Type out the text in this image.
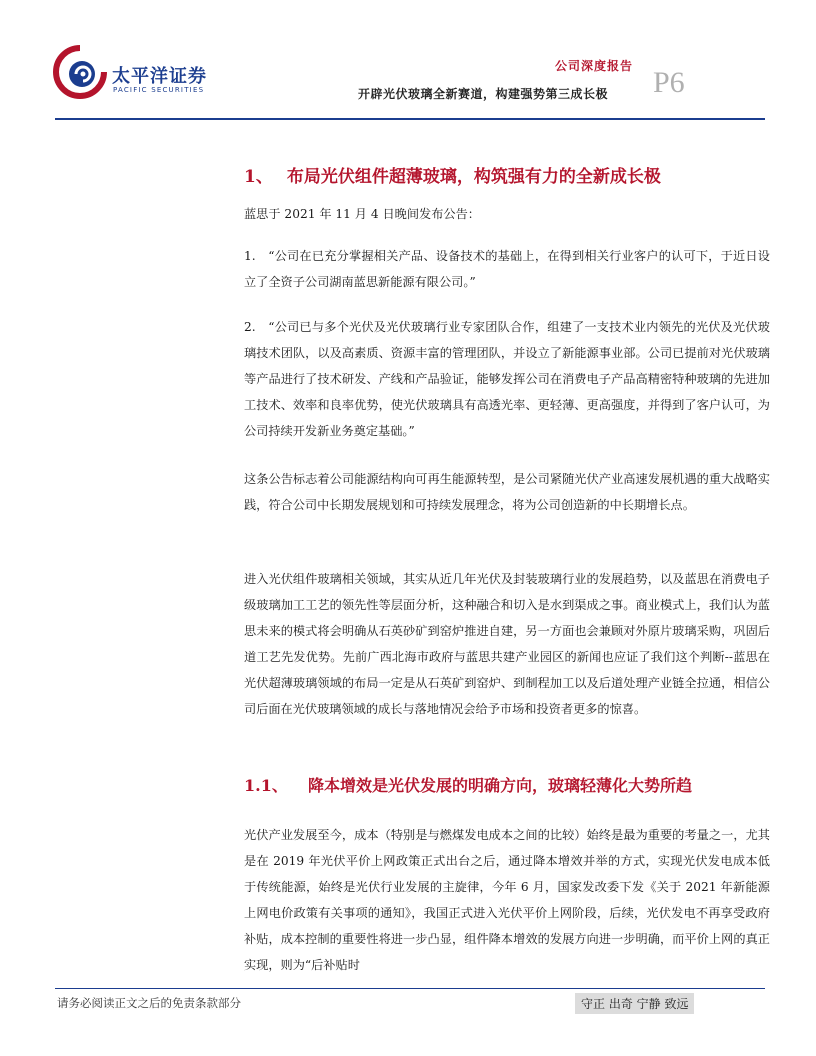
太平洋证券
PACIFIC SECURITIES
公司深度报告
开辟光伏玻璃全新赛道，构建强势第三成长极 P6
1、 布局光伏组件超薄玻璃，构筑强有力的全新成长极
蓝思于 2021 年 11 月 4 日晚间发布公告：
1.　“公司在已充分掌握相关产品、设备技术的基础上，在得到相关行业客户的认可下，于近日设立了全资子公司湖南蓝思新能源有限公司。”
2.　“公司已与多个光伏及光伏玻璃行业专家团队合作，组建了一支技术业内领先的光伏及光伏玻璃技术团队，以及高素质、资源丰富的管理团队，并设立了新能源事业部。公司已提前对光伏玻璃等产品进行了技术研发、产线和产品验证，能够发挥公司在消费电子产品高精密特种玻璃的先进加工技术、效率和良率优势，使光伏玻璃具有高透光率、更轻薄、更高强度，并得到了客户认可，为公司持续开发新业务奠定基础。”
这条公告标志着公司能源结构向可再生能源转型，是公司紧随光伏产业高速发展机遇的重大战略实践，符合公司中长期发展规划和可持续发展理念，将为公司创造新的中长期增长点。
进入光伏组件玻璃相关领域，其实从近几年光伏及封装玻璃行业的发展趋势，以及蓝思在消费电子级玻璃加工工艺的领先性等层面分析，这种融合和切入是水到渠成之事。商业模式上，我们认为蓝思未来的模式将会明确从石英砂矿到窑炉推进自建，另一方面也会兼顾对外原片玻璃采购，巩固后道工艺先发优势。先前广西北海市政府与蓝思共建产业园区的新闻也应证了我们这个判断--蓝思在光伏超薄玻璃领域的布局一定是从石英矿到窑炉、到制程加工以及后道处理产业链全拉通，相信公司后面在光伏玻璃领域的成长与落地情况会给予市场和投资者更多的惊喜。
1.1、 降本增效是光伏发展的明确方向，玻璃轻薄化大势所趋
光伏产业发展至今，成本（特别是与燃煤发电成本之间的比较）始终是最为重要的考量之一，尤其是在 2019 年光伏平价上网政策正式出台之后，通过降本增效并举的方式，实现光伏发电成本低于传统能源，始终是光伏行业发展的主旋律，今年 6 月，国家发改委下发《关于 2021 年新能源上网电价政策有关事项的通知》，我国正式进入光伏平价上网阶段，后续，光伏发电不再享受政府补贴，成本控制的重要性将进一步凸显，组件降本增效的发展方向进一步明确，而平价上网的真正实现，则为“后补贴时
请务必阅读正文之后的免责条款部分	守正 出奇 宁静 致远
